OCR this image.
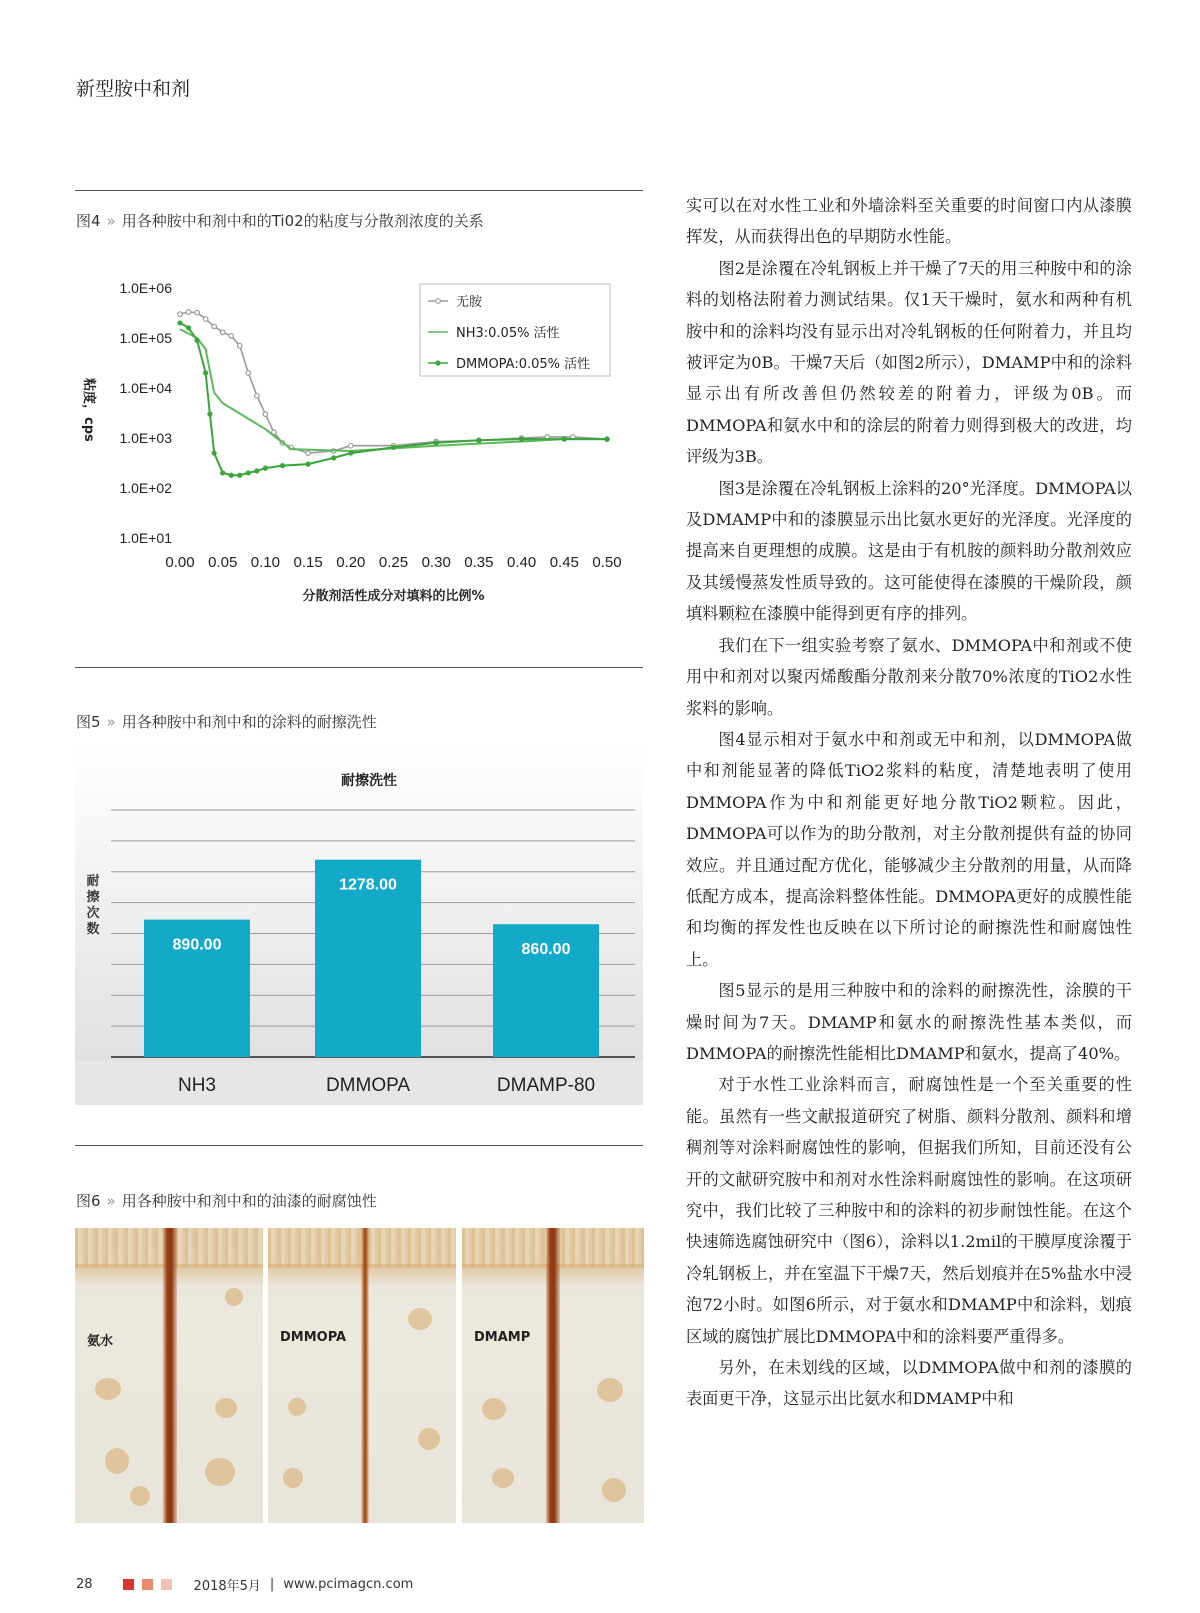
新型胺中和剂
图4 » 用各种胺中和剂中和的Ti02的粘度与分散剂浓度的关系
1.0E+06
1.0E+05
1.0E+04
1.0E+03
1.0E+02
1.0E+01
0.00 0.05 0.10 0.15 0.20 0.25 0.30 0.35 0.40 0.45 0.50
分散剂活性成分对填料的比例%
粘度，cps
无胺
NH3:0.05% 活性
DMMOPA:0.05% 活性
图5 » 用各种胺中和剂中和的涂料的耐擦洗性
耐擦洗性
耐擦次数
890.00
NH3
1278.00
DMMOPA
860.00
DMAMP-80
图6 » 用各种胺中和剂中和的油漆的耐腐蚀性
氨水	DMMOPA	DMAMP

实可以在对水性工业和外墙涂料至关重要的时间窗口内从漆膜挥发，从而获得出色的早期防水性能。

图2是涂覆在冷轧钢板上并干燥了7天的用三种胺中和的涂料的划格法附着力测试结果。仅1天干燥时，氨水和两种有机胺中和的涂料均没有显示出对冷轧钢板的任何附着力，并且均被评定为0B。干燥7天后（如图2所示），DMAMP中和的涂料显示出有所改善但仍然较差的附着力，评级为0B。而DMMOPA和氨水中和的涂层的附着力则得到极大的改进，均评级为3B。

图3是涂覆在冷轧钢板上涂料的20°光泽度。DMMOPA以及DMAMP中和的漆膜显示出比氨水更好的光泽度。光泽度的提高来自更理想的成膜。这是由于有机胺的颜料助分散剂效应及其缓慢蒸发性质导致的。这可能使得在漆膜的干燥阶段，颜填料颗粒在漆膜中能得到更有序的排列。

我们在下一组实验考察了氨水、DMMOPA中和剂或不使用中和剂对以聚丙烯酸酯分散剂来分散70%浓度的TiO2水性浆料的影响。

图4显示相对于氨水中和剂或无中和剂，以DMMOPA做中和剂能显著的降低TiO2浆料的粘度，清楚地表明了使用DMMOPA作为中和剂能更好地分散TiO2颗粒。因此，DMMOPA可以作为的助分散剂，对主分散剂提供有益的协同效应。并且通过配方优化，能够减少主分散剂的用量，从而降低配方成本，提高涂料整体性能。DMMOPA更好的成膜性能和均衡的挥发性也反映在以下所讨论的耐擦洗性和耐腐蚀性上。

图5显示的是用三种胺中和的涂料的耐擦洗性，涂膜的干燥时间为7天。DMAMP和氨水的耐擦洗性基本类似，而DMMOPA的耐擦洗性能相比DMAMP和氨水，提高了40%。

对于水性工业涂料而言，耐腐蚀性是一个至关重要的性能。虽然有一些文献报道研究了树脂、颜料分散剂、颜料和增稠剂等对涂料耐腐蚀性的影响，但据我们所知，目前还没有公开的文献研究胺中和剂对水性涂料耐腐蚀性的影响。在这项研究中，我们比较了三种胺中和的涂料的初步耐蚀性能。在这个快速筛选腐蚀研究中（图6），涂料以1.2mil的干膜厚度涂覆于冷轧钢板上，并在室温下干燥7天，然后划痕并在5%盐水中浸泡72小时。如图6所示，对于氨水和DMAMP中和涂料，划痕区域的腐蚀扩展比DMMOPA中和的涂料要严重得多。

另外，在未划线的区域，以DMMOPA做中和剂的漆膜的表面更干净，这显示出比氨水和DMAMP中和

28	2018年5月 | www.pcimagcn.com
